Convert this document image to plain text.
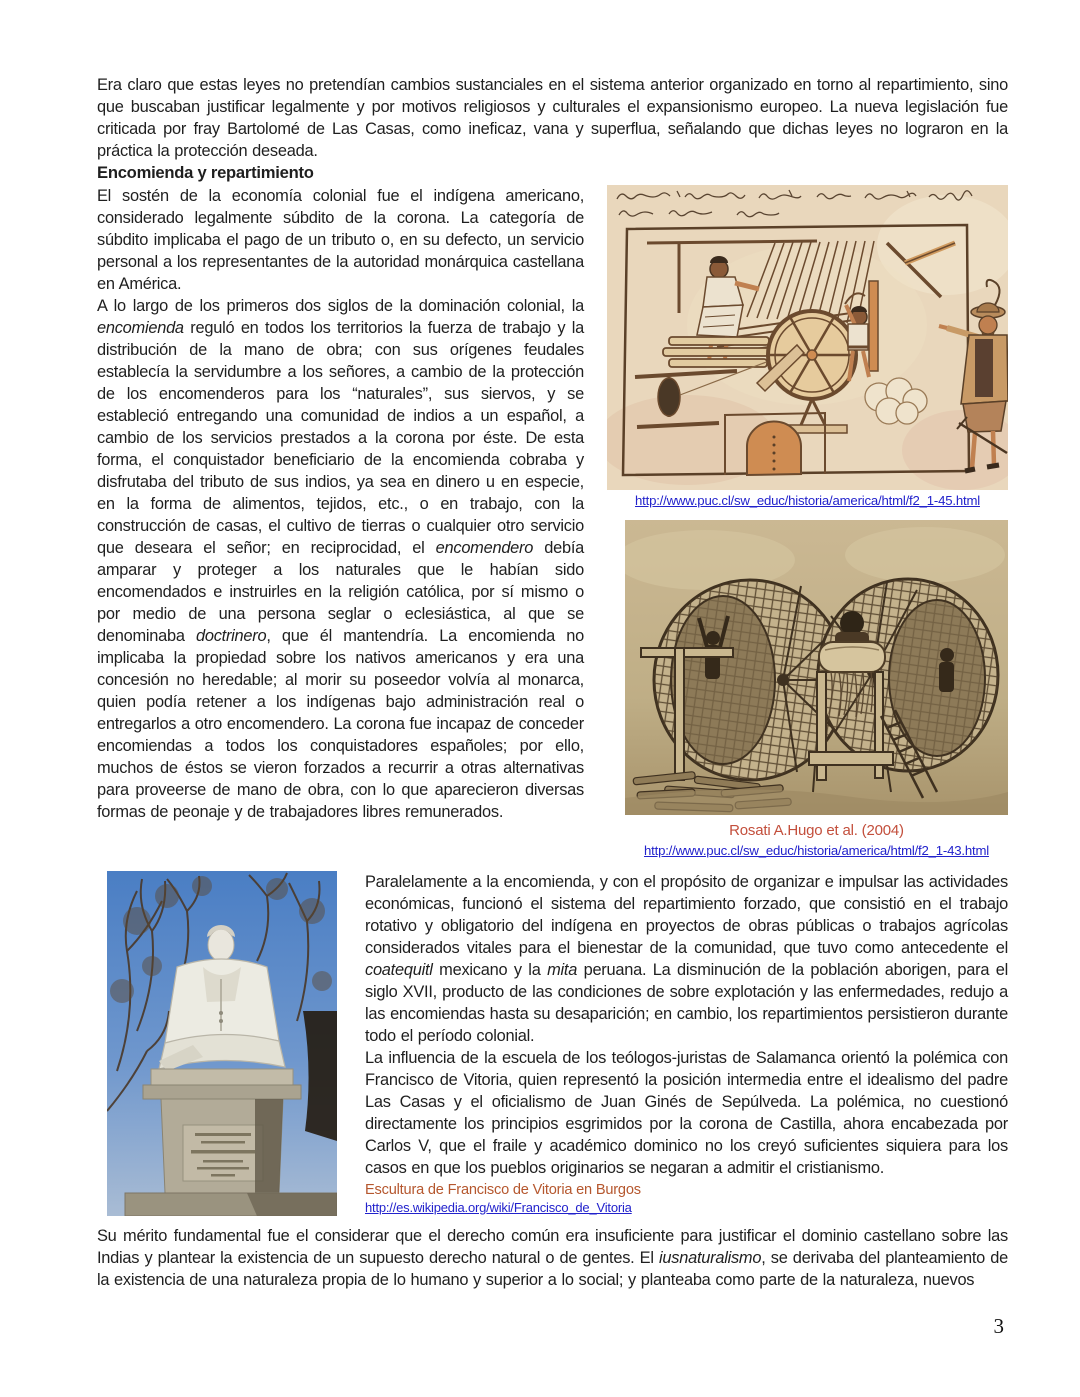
Era claro que estas leyes no pretendían cambios sustanciales en el sistema anterior organizado en torno al repartimiento, sino que buscaban justificar legalmente y por motivos religiosos y culturales el expansionismo europeo. La nueva legislación fue criticada por fray Bartolomé de Las Casas, como ineficaz, vana y superflua, señalando que dichas leyes no lograron en la práctica la protección deseada.

Encomienda y repartimiento

El sostén de la economía colonial fue el indígena americano, considerado legalmente súbdito de la corona. La categoría de súbdito implicaba el pago de un tributo o, en su defecto, un servicio personal a los representantes de la autoridad monárquica castellana en América.

A lo largo de los primeros dos siglos de la dominación colonial, la encomienda reguló en todos los territorios la fuerza de trabajo y la distribución de la mano de obra; con sus orígenes feudales establecía la servidumbre a los señores, a cambio de la protección de los encomenderos para los “naturales”, sus siervos, y se estableció entregando una comunidad de indios a un español, a cambio de los servicios prestados a la corona por éste. De esta forma, el conquistador beneficiario de la encomienda cobraba y disfrutaba del tributo de sus indios, ya sea en dinero u en especie, en la forma de alimentos, tejidos, etc., o en trabajo, con la construcción de casas, el cultivo de tierras o cualquier otro servicio que deseara el señor; en reciprocidad, el encomendero debía amparar y proteger a los naturales que le habían sido encomendados e instruirles en la religión católica, por sí mismo o por medio de una persona seglar o eclesiástica, al que se denominaba doctrinero, que él mantendría. La encomienda no implicaba la propiedad sobre los nativos americanos y era una concesión no heredable; al morir su poseedor volvía al monarca, quien podía retener a los indígenas bajo administración real o entregarlos a otro encomendero. La corona fue incapaz de conceder encomiendas a todos los conquistadores españoles; por ello, muchos de éstos se vieron forzados a recurrir a otras alternativas para proveerse de mano de obra, con lo que aparecieron diversas formas de peonaje y de trabajadores libres remunerados.

http://www.puc.cl/sw_educ/historia/america/html/f2_1-45.html
Rosati A.Hugo et al. (2004)
http://www.puc.cl/sw_educ/historia/america/html/f2_1-43.html

Paralelamente a la encomienda, y con el propósito de organizar e impulsar las actividades económicas, funcionó el sistema del repartimiento forzado, que consistió en el trabajo rotativo y obligatorio del indígena en proyectos de obras públicas o trabajos agrícolas considerados vitales para el bienestar de la comunidad, que tuvo como antecedente el coatequitl mexicano y la mita peruana. La disminución de la población aborigen, para el siglo XVII, producto de las condiciones de sobre explotación y las enfermedades, redujo a las encomiendas hasta su desaparición; en cambio, los repartimientos persistieron durante todo el período colonial.

La influencia de la escuela de los teólogos-juristas de Salamanca orientó la polémica con Francisco de Vitoria, quien representó la posición intermedia entre el idealismo del padre Las Casas y el oficialismo de Juan Ginés de Sepúlveda. La polémica, no cuestionó directamente los principios esgrimidos por la corona de Castilla, ahora encabezada por Carlos V, que el fraile y académico dominico no los creyó suficientes siquiera para los casos en que los pueblos originarios se negaran a admitir el cristianismo.

Escultura de Francisco de Vitoria en Burgos
http://es.wikipedia.org/wiki/Francisco_de_Vitoria

Su mérito fundamental fue el considerar que el derecho común era insuficiente para justificar el dominio castellano sobre las Indias y plantear la existencia de un supuesto derecho natural o de gentes. El iusnaturalismo, se derivaba del planteamiento de la existencia de una naturaleza propia de lo humano y superior a lo social; y planteaba como parte de la naturaleza, nuevos

3
